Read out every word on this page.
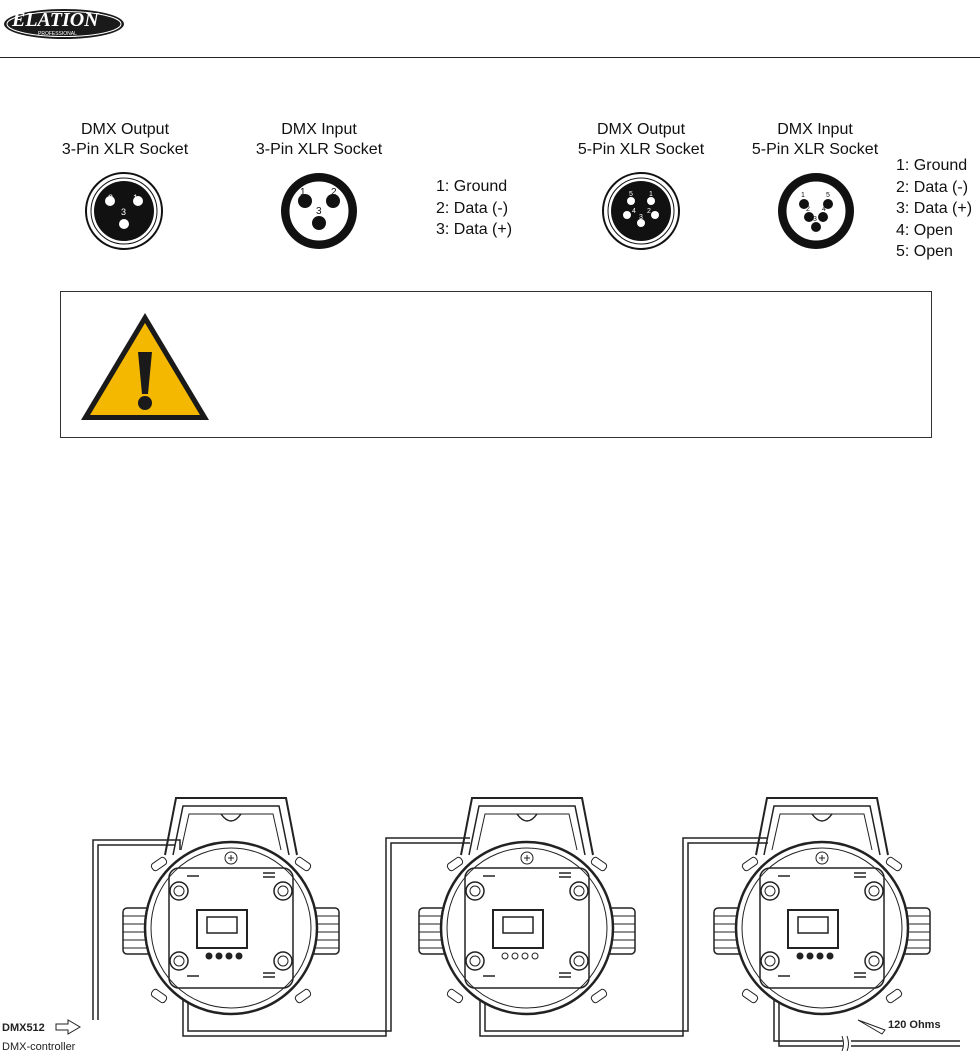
ELATION
PROFESSIONAL
DMX Output
3-Pin XLR Socket
DMX Input
3-Pin XLR Socket
DMX Output
5-Pin XLR Socket
DMX Input
5-Pin XLR Socket
2 1
3
1	2
3
5 1
4 2
3
1	5
2 4
3
1: Ground
2: Data (-)
3: Data (+)
1: Ground
2: Data (-)
3: Data (+)
4: Open
5: Open
DMX512
DMX-controller
120 Ohms
